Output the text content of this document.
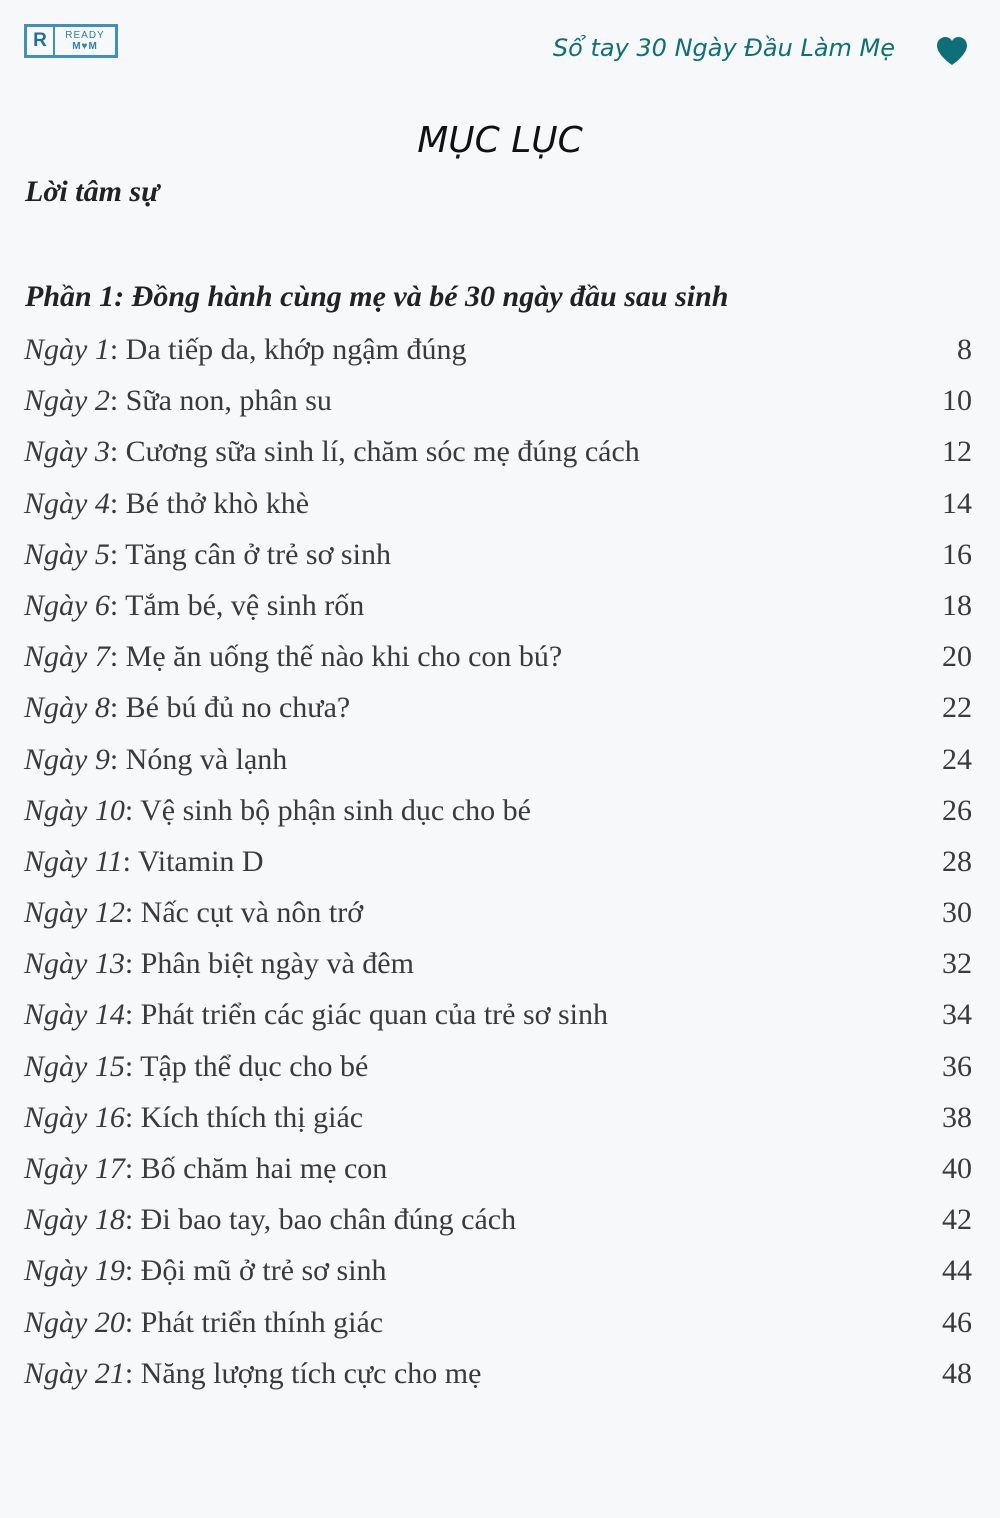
R	READY
M♥M	Sổ tay 30 Ngày Đầu Làm Mẹ
MỤC LỤC
Lời tâm sự
Phần 1: Đồng hành cùng mẹ và bé 30 ngày đầu sau sinh
Ngày 1 : Da tiếp da, khớp ngậm đúng	8
Ngày 2 : Sữa non, phân su	10
Ngày 3 : Cương sữa sinh lí, chăm sóc mẹ đúng cách	12
Ngày 4 : Bé thở khò khè	14
Ngày 5 : Tăng cân ở trẻ sơ sinh	16
Ngày 6 : Tắm bé, vệ sinh rốn	18
Ngày 7 : Mẹ ăn uống thế nào khi cho con bú?	20
Ngày 8 : Bé bú đủ no chưa?	22
Ngày 9 : Nóng và lạnh	24
Ngày 10 : Vệ sinh bộ phận sinh dục cho bé	26
Ngày 11 : Vitamin D	28
Ngày 12 : Nấc cụt và nôn trớ	30
Ngày 13 : Phân biệt ngày và đêm	32
Ngày 14 : Phát triển các giác quan của trẻ sơ sinh	34
Ngày 15 : Tập thể dục cho bé	36
Ngày 16 : Kích thích thị giác	38
Ngày 17 : Bố chăm hai mẹ con	40
Ngày 18 : Đi bao tay, bao chân đúng cách	42
Ngày 19 : Đội mũ ở trẻ sơ sinh	44
Ngày 20 : Phát triển thính giác	46
Ngày 21 : Năng lượng tích cực cho mẹ	48
